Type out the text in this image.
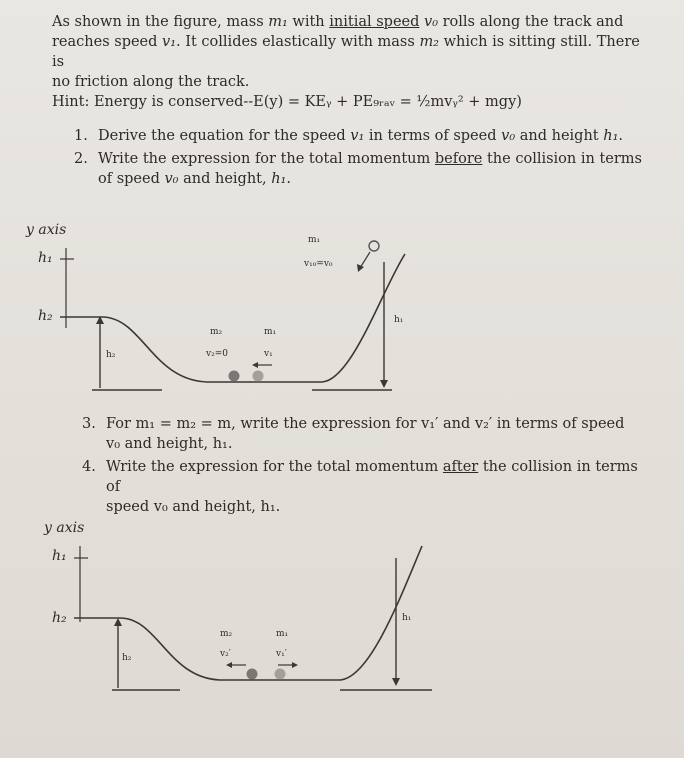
As shown in the figure, mass m₁ with initial speed v₀ rolls along the track and

reaches speed v₁. It collides elastically with mass m₂ which is sitting still. There is

no friction along the track.

Hint: Energy is conserved--E(y) = KEᵧ + PE₉ᵣₐᵥ = ½mvᵧ² + mgy)

1. Derive the equation for the speed v₁ in terms of speed v₀ and height h₁.
2. Write the expression for the total momentum before the collision in terms of speed v₀ and height, h₁.
y axis
h₁
h₂
h₂
h₁
m₁
v₁₀=v₀
m₂
v₂=0
m₁
v₁
3. For m₁ = m₂ = m, write the expression for v₁′ and v₂′ in terms of speed
v₀ and height, h₁.
4. Write the expression for the total momentum after the collision in terms of
speed v₀ and height, h₁.
y axis
h₁
h₂
h₂
h₁
m₂
v₂′
m₁
v₁′
